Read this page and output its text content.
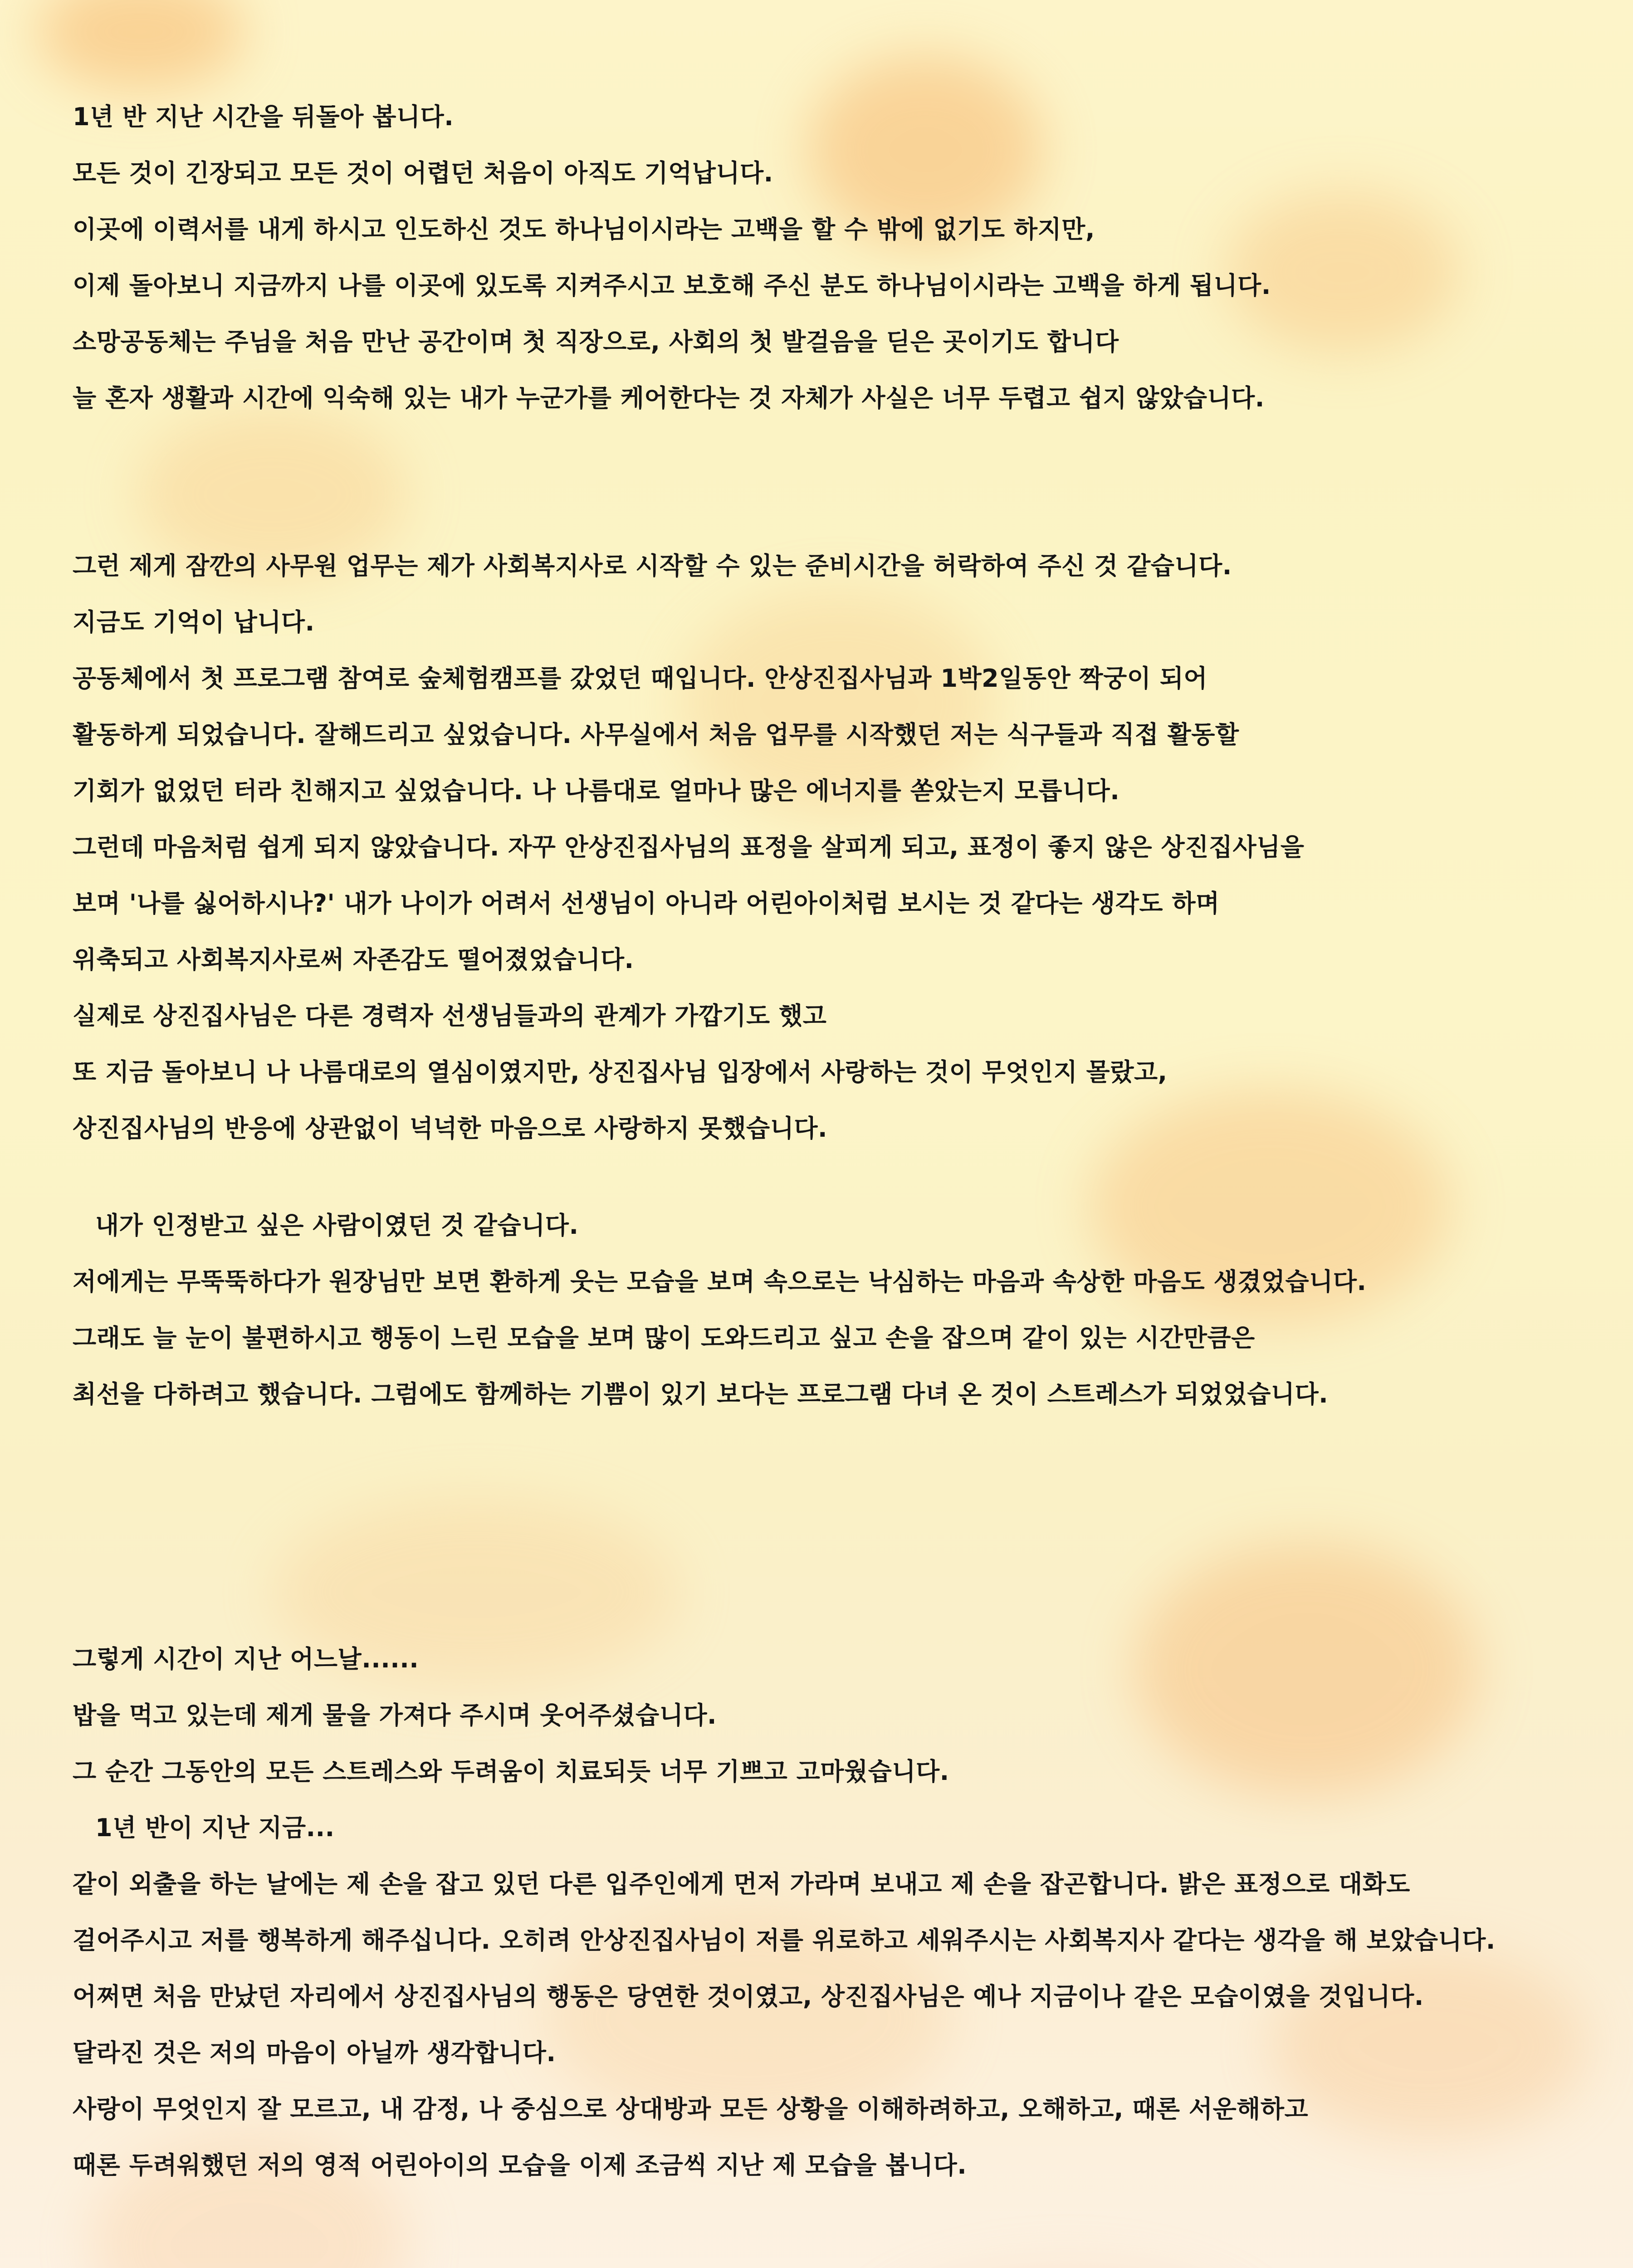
1년 반 지난 시간을 뒤돌아 봅니다.
모든 것이 긴장되고 모든 것이 어렵던 처음이 아직도 기억납니다.
이곳에 이력서를 내게 하시고 인도하신 것도 하나님이시라는 고백을 할 수 밖에 없기도 하지만,
이제 돌아보니 지금까지 나를 이곳에 있도록 지켜주시고 보호해 주신 분도 하나님이시라는 고백을 하게 됩니다.
소망공동체는 주님을 처음 만난 공간이며 첫 직장으로, 사회의 첫 발걸음을 딛은 곳이기도 합니다
늘 혼자 생활과 시간에 익숙해 있는 내가 누군가를 케어한다는 것 자체가 사실은 너무 두렵고 쉽지 않았습니다.
그런 제게 잠깐의 사무원 업무는 제가 사회복지사로 시작할 수 있는 준비시간을 허락하여 주신 것 같습니다.
지금도 기억이 납니다.
공동체에서 첫 프로그램 참여로 숲체험캠프를 갔었던 때입니다. 안상진집사님과 1박2일동안 짝궁이 되어
활동하게 되었습니다. 잘해드리고 싶었습니다. 사무실에서 처음 업무를 시작했던 저는 식구들과 직접 활동할
기회가 없었던 터라 친해지고 싶었습니다. 나 나름대로 얼마나 많은 에너지를 쏟았는지 모릅니다.
그런데 마음처럼 쉽게 되지 않았습니다. 자꾸 안상진집사님의 표정을 살피게 되고, 표정이 좋지 않은 상진집사님을
보며 '나를 싫어하시나?' 내가 나이가 어려서 선생님이 아니라 어린아이처럼 보시는 것 같다는 생각도 하며
위축되고 사회복지사로써 자존감도 떨어졌었습니다.
실제로 상진집사님은 다른 경력자 선생님들과의 관계가 가깝기도 했고
또 지금 돌아보니 나 나름대로의 열심이였지만, 상진집사님 입장에서 사랑하는 것이 무엇인지 몰랐고,
상진집사님의 반응에 상관없이 넉넉한 마음으로 사랑하지 못했습니다.
내가 인정받고 싶은 사람이였던 것 같습니다.
저에게는 무뚝뚝하다가 원장님만 보면 환하게 웃는 모습을 보며 속으로는 낙심하는 마음과 속상한 마음도 생겼었습니다.
그래도 늘 눈이 불편하시고 행동이 느린 모습을 보며 많이 도와드리고 싶고 손을 잡으며 같이 있는 시간만큼은
최선을 다하려고 했습니다. 그럼에도 함께하는 기쁨이 있기 보다는 프로그램 다녀 온 것이 스트레스가 되었었습니다.
그렇게 시간이 지난 어느날......
밥을 먹고 있는데 제게 물을 가져다 주시며 웃어주셨습니다.
그 순간 그동안의 모든 스트레스와 두려움이 치료되듯 너무 기쁘고 고마웠습니다.
1년 반이 지난 지금...
같이 외출을 하는 날에는 제 손을 잡고 있던 다른 입주인에게 먼저 가라며 보내고 제 손을 잡곤합니다. 밝은 표정으로 대화도
걸어주시고 저를 행복하게 해주십니다. 오히려 안상진집사님이 저를 위로하고 세워주시는 사회복지사 같다는 생각을 해 보았습니다.
어쩌면 처음 만났던 자리에서 상진집사님의 행동은 당연한 것이였고, 상진집사님은 예나 지금이나 같은 모습이였을 것입니다.
달라진 것은 저의 마음이 아닐까 생각합니다.
사랑이 무엇인지 잘 모르고, 내 감정, 나 중심으로 상대방과 모든 상황을 이해하려하고, 오해하고, 때론 서운해하고
때론 두려워했던 저의 영적 어린아이의 모습을 이제 조금씩 지난 제 모습을 봅니다.
